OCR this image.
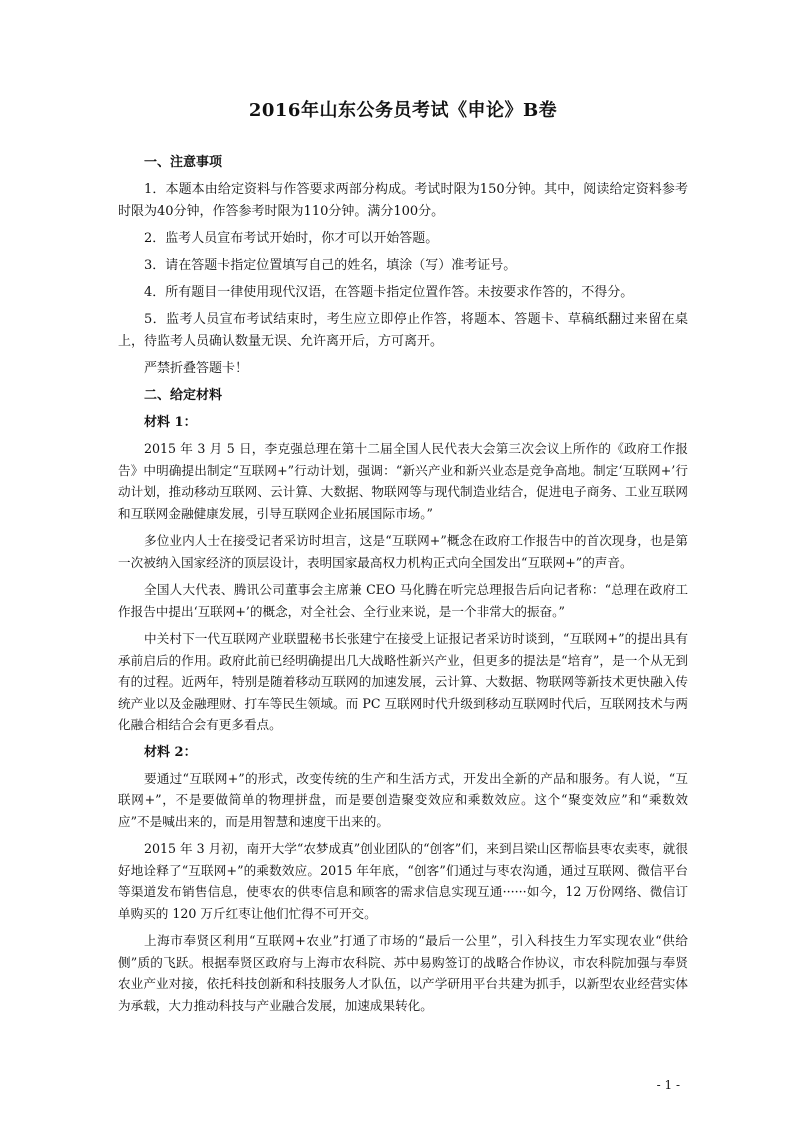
2016年山东公务员考试《申论》B卷
一、注意事项

1．本题本由给定资料与作答要求两部分构成。考试时限为150分钟。其中，阅读给定资料参考时限为40分钟，作答参考时限为110分钟。满分100分。

2．监考人员宣布考试开始时，你才可以开始答题。

3．请在答题卡指定位置填写自己的姓名，填涂（写）准考证号。

4．所有题目一律使用现代汉语，在答题卡指定位置作答。未按要求作答的，不得分。

5．监考人员宣布考试结束时，考生应立即停止作答，将题本、答题卡、草稿纸翻过来留在桌上，待监考人员确认数量无误、允许离开后，方可离开。

严禁折叠答题卡！

二、给定材料
材料 1：

2015 年 3 月 5 日，李克强总理在第十二届全国人民代表大会第三次会议上所作的《政府工作报告》中明确提出制定“互联网+”行动计划，强调：“新兴产业和新兴业态是竞争高地。制定‘互联网+’行动计划，推动移动互联网、云计算、大数据、物联网等与现代制造业结合，促进电子商务、工业互联网和互联网金融健康发展，引导互联网企业拓展国际市场。”

多位业内人士在接受记者采访时坦言，这是“互联网+”概念在政府工作报告中的首次现身，也是第一次被纳入国家经济的顶层设计，表明国家最高权力机构正式向全国发出“互联网+”的声音。

全国人大代表、腾讯公司董事会主席兼 CEO 马化腾在听完总理报告后向记者称：“总理在政府工作报告中提出‘互联网+’的概念，对全社会、全行业来说，是一个非常大的振奋。”

中关村下一代互联网产业联盟秘书长张建宁在接受上证报记者采访时谈到，“互联网+”的提出具有承前启后的作用。政府此前已经明确提出几大战略性新兴产业，但更多的提法是“培育”，是一个从无到有的过程。近两年，特别是随着移动互联网的加速发展，云计算、大数据、物联网等新技术更快融入传统产业以及金融理财、打车等民生领域。而 PC 互联网时代升级到移动互联网时代后，互联网技术与两化融合相结合会有更多看点。

材料 2：

要通过“互联网+”的形式，改变传统的生产和生活方式，开发出全新的产品和服务。有人说，“互联网+”，不是要做简单的物理拼盘，而是要创造聚变效应和乘数效应。这个“聚变效应”和“乘数效应”不是喊出来的，而是用智慧和速度干出来的。

2015 年 3 月初，南开大学“农梦成真”创业团队的“创客”们，来到吕梁山区帮临县枣农卖枣，就很好地诠释了“互联网+”的乘数效应。2015 年年底，“创客”们通过与枣农沟通，通过互联网、微信平台等渠道发布销售信息，使枣农的供枣信息和顾客的需求信息实现互通······如今，12 万份网络、微信订单购买的 120 万斤红枣让他们忙得不可开交。

上海市奉贤区利用“互联网+农业”打通了市场的“最后一公里”，引入科技生力军实现农业“供给侧”质的飞跃。根据奉贤区政府与上海市农科院、苏中易购签订的战略合作协议，市农科院加强与奉贤农业产业对接，依托科技创新和科技服务人才队伍，以产学研用平台共建为抓手，以新型农业经营实体为承载，大力推动科技与产业融合发展，加速成果转化。

- 1 -
